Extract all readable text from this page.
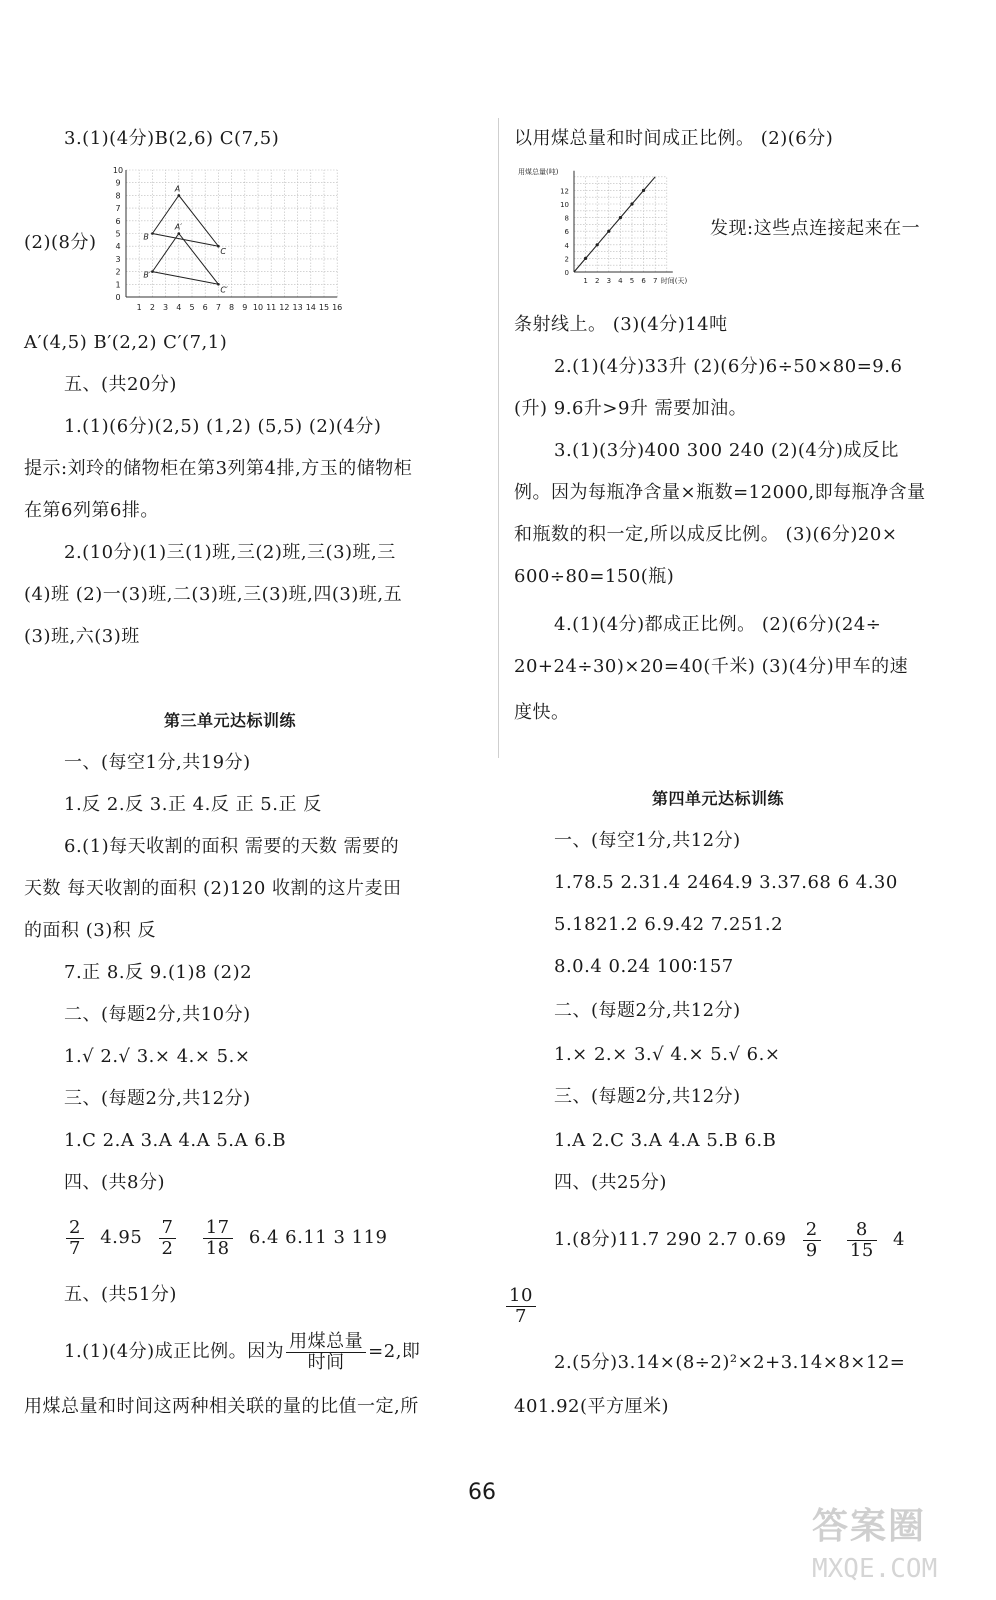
3.(1)(4分)B(2,6) C(7,5)
(2)(8分)
1 2 3 4 5 6 7 8 9 10 11 12 13 14 15 16
0
1
2
3
4
5
6
7
8
9
10
A
B
C
A′
B′
C′
A′(4,5) B′(2,2) C′(7,1)
五、(共20分)
1.(1)(6分)(2,5) (1,2) (5,5) (2)(4分)
提示:刘玲的储物柜在第3列第4排,方玉的储物柜
在第6列第6排。
2.(10分)(1)三(1)班,三(2)班,三(3)班,三
(4)班 (2)一(3)班,二(3)班,三(3)班,四(3)班,五
(3)班,六(3)班
第三单元达标训练
一、(每空1分,共19分)
1.反 2.反 3.正 4.反 正 5.正 反
6.(1)每天收割的面积 需要的天数 需要的
天数 每天收割的面积 (2)120 收割的这片麦田
的面积 (3)积 反
7.正 8.反 9.(1)8 (2)2
二、(每题2分,共10分)
1.√ 2.√ 3.× 4.× 5.×
三、(每题2分,共12分)
1.C 2.A 3.A 4.A 5.A 6.B
四、(共8分)
$\frac{2}{7} 4.95 \frac{7}{2}$
$\frac{17}{18} 6.4$ 6.11 3 119
五、(共51分)
1.(1)(4分)成正比例。因为 $\frac{\text{用煤总量}}{\text{时间}} =2$,即
用煤总量和时间这两种相关联的量的比值一定,所
以用煤总量和时间成正比例。 (2)(6分)
1 2 3 4 5 6 7
0
2
4
6
8
10
12
用煤总量(吨)
时间(天)
发现:这些点连接起来在一
条射线上。 (3)(4分)14吨
2.(1)(4分)33升 (2)(6分)6÷50×80=9.6
(升) 9.6升>9升 需要加油。
3.(1)(3分)400 300 240 (2)(4分)成反比
例。因为每瓶净含量×瓶数=12000,即每瓶净含量
和瓶数的积一定,所以成反比例。 (3)(6分)20×
600÷80=150(瓶)
4.(1)(4分)都成正比例。 (2)(6分)(24÷
20+24÷30)×20=40(千米) (3)(4分)甲车的速
度快。
第四单元达标训练
一、(每空1分,共12分)
1.78.5 2.31.4 2464.9 3.37.68 6 4.30
5.1821.2 6.9.42 7.251.2
8.0.4 0.24 100∶157
二、(每题2分,共12分)
1.× 2.× 3.√ 4.× 5.√ 6.×
三、(每题2分,共12分)
1.A 2.C 3.A 4.A 5.B 6.B
四、(共25分)
1.(8分)11.7 290 2.7 $0.69 \frac{2}{9}$
$\frac{8}{15} 4$
$\frac{10}{7}$
2.(5分)3.14×(8÷2)²×2+3.14×8×12=
401.92(平方厘米)
66
答案圈
MXQE.COM
